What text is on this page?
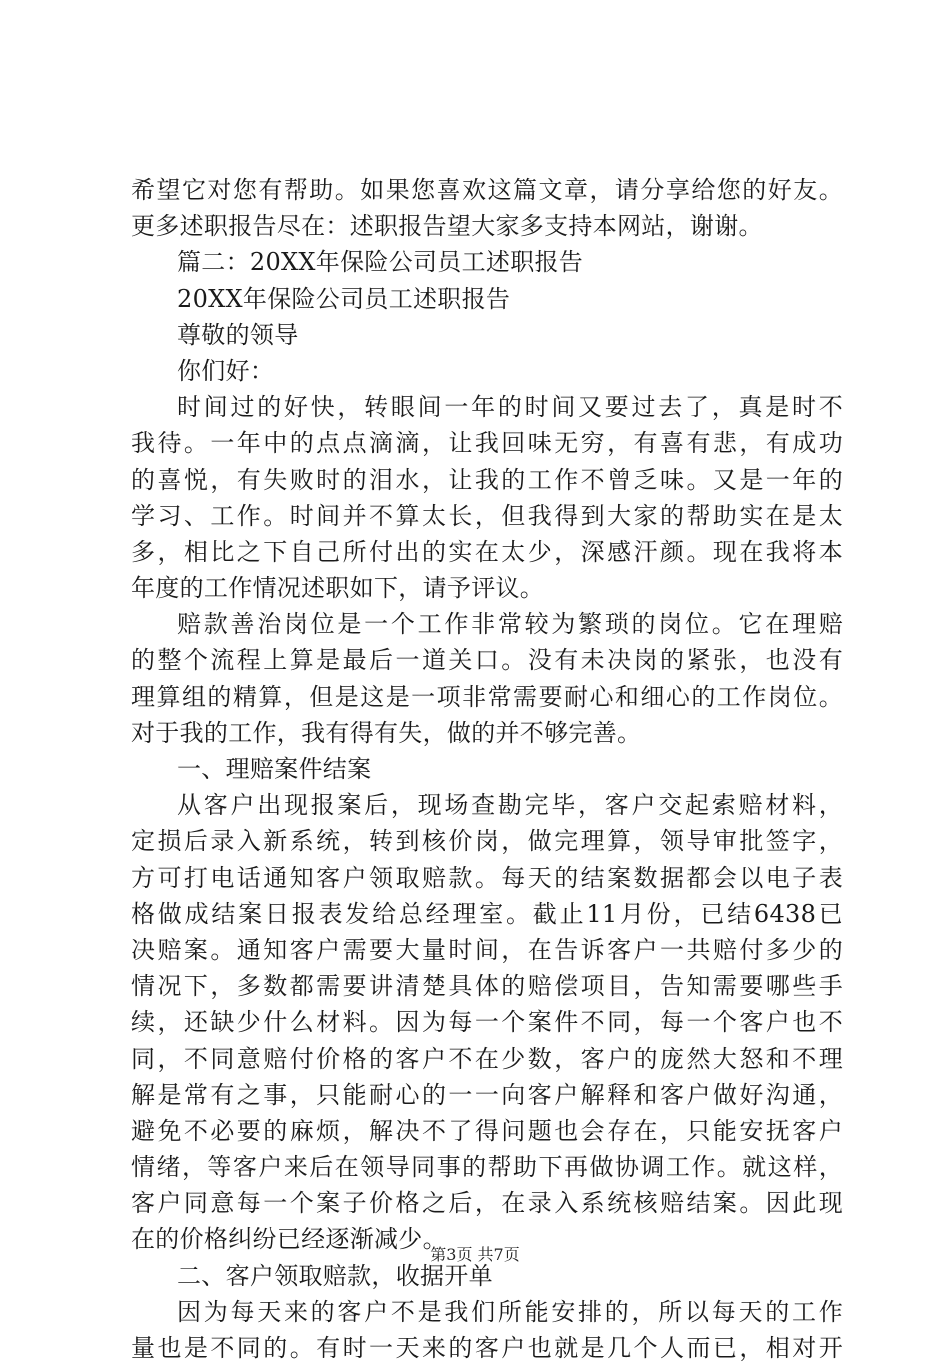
希望它对您有帮助。如果您喜欢这篇文章，请分享给您的好友。
更多述职报告尽在：述职报告望大家多支持本网站，谢谢。
篇二：20XX年保险公司员工述职报告
20XX年保险公司员工述职报告
尊敬的领导
你们好：
时间过的好快，转眼间一年的时间又要过去了，真是时不
我待。一年中的点点滴滴，让我回味无穷，有喜有悲，有成功
的喜悦，有失败时的泪水，让我的工作不曾乏味。又是一年的
学习、工作。时间并不算太长，但我得到大家的帮助实在是太
多，相比之下自己所付出的实在太少，深感汗颜。现在我将本
年度的工作情况述职如下，请予评议。
赔款善治岗位是一个工作非常较为繁琐的岗位。它在理赔
的整个流程上算是最后一道关口。没有未决岗的紧张，也没有
理算组的精算，但是这是一项非常需要耐心和细心的工作岗位。
对于我的工作，我有得有失，做的并不够完善。
一、理赔案件结案
从客户出现报案后，现场查勘完毕，客户交起索赔材料，
定损后录入新系统，转到核价岗，做完理算，领导审批签字，
方可打电话通知客户领取赔款。每天的结案数据都会以电子表
格做成结案日报表发给总经理室。截止11月份，已结6438已
决赔案。通知客户需要大量时间，在告诉客户一共赔付多少的
情况下，多数都需要讲清楚具体的赔偿项目，告知需要哪些手
续，还缺少什么材料。因为每一个案件不同，每一个客户也不
同，不同意赔付价格的客户不在少数，客户的庞然大怒和不理
解是常有之事，只能耐心的一一向客户解释和客户做好沟通，
避免不必要的麻烦，解决不了得问题也会存在，只能安抚客户
情绪，等客户来后在领导同事的帮助下再做协调工作。就这样，
客户同意每一个案子价格之后，在录入系统核赔结案。因此现
在的价格纠纷已经逐渐减少。
二、客户领取赔款，收据开单
因为每天来的客户不是我们所能安排的，所以每天的工作
量也是不同的。有时一天来的客户也就是几个人而已，相对开
第3页 共7页
